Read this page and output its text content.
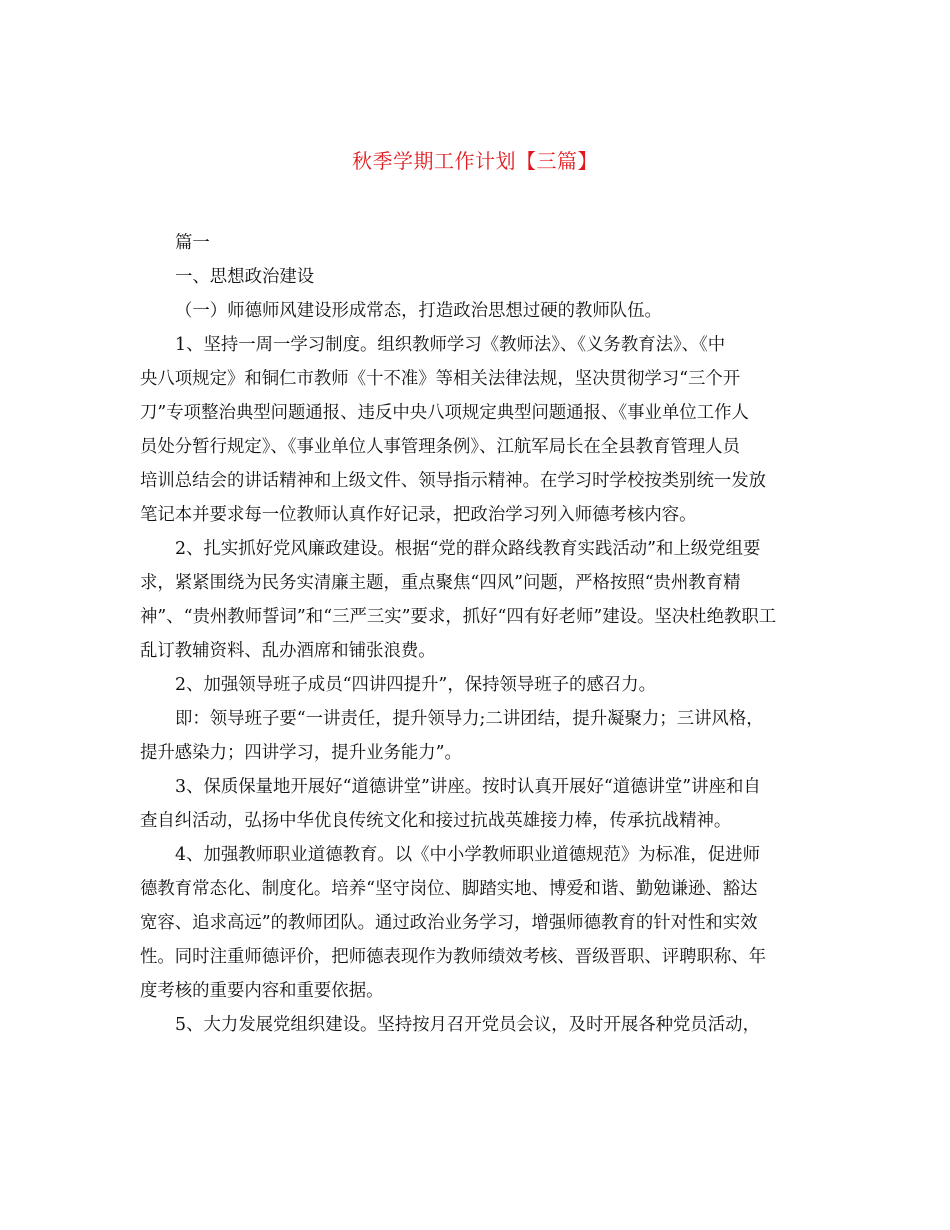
秋季学期工作计划【三篇】
篇一
一、思想政治建设
（一）师德师风建设形成常态，打造政治思想过硬的教师队伍。
1、坚持一周一学习制度。组织教师学习《教师法》、《义务教育法》、《中
央八项规定》和铜仁市教师《十不准》等相关法律法规，坚决贯彻学习“三个开
刀”专项整治典型问题通报、违反中央八项规定典型问题通报、《事业单位工作人
员处分暂行规定》、《事业单位人事管理条例》、江航军局长在全县教育管理人员
培训总结会的讲话精神和上级文件、领导指示精神。在学习时学校按类别统一发放
笔记本并要求每一位教师认真作好记录，把政治学习列入师德考核内容。
2、扎实抓好党风廉政建设。根据“党的群众路线教育实践活动”和上级党组要
求，紧紧围绕为民务实清廉主题，重点聚焦“四风”问题，严格按照“贵州教育精
神”、“贵州教师誓词”和“三严三实”要求，抓好“四有好老师”建设。坚决杜绝教职工
乱订教辅资料、乱办酒席和铺张浪费。
2、加强领导班子成员“四讲四提升”，保持领导班子的感召力。
即：领导班子要“一讲责任，提升领导力;二讲团结，提升凝聚力；三讲风格，
提升感染力；四讲学习，提升业务能力”。
3、保质保量地开展好“道德讲堂”讲座。按时认真开展好“道德讲堂”讲座和自
查自纠活动，弘扬中华优良传统文化和接过抗战英雄接力棒，传承抗战精神。
4、加强教师职业道德教育。以《中小学教师职业道德规范》为标准，促进师
德教育常态化、制度化。培养“坚守岗位、脚踏实地、博爱和谐、勤勉谦逊、豁达
宽容、追求高远”的教师团队。通过政治业务学习，增强师德教育的针对性和实效
性。同时注重师德评价，把师德表现作为教师绩效考核、晋级晋职、评聘职称、年
度考核的重要内容和重要依据。
5、大力发展党组织建设。坚持按月召开党员会议，及时开展各种党员活动，
